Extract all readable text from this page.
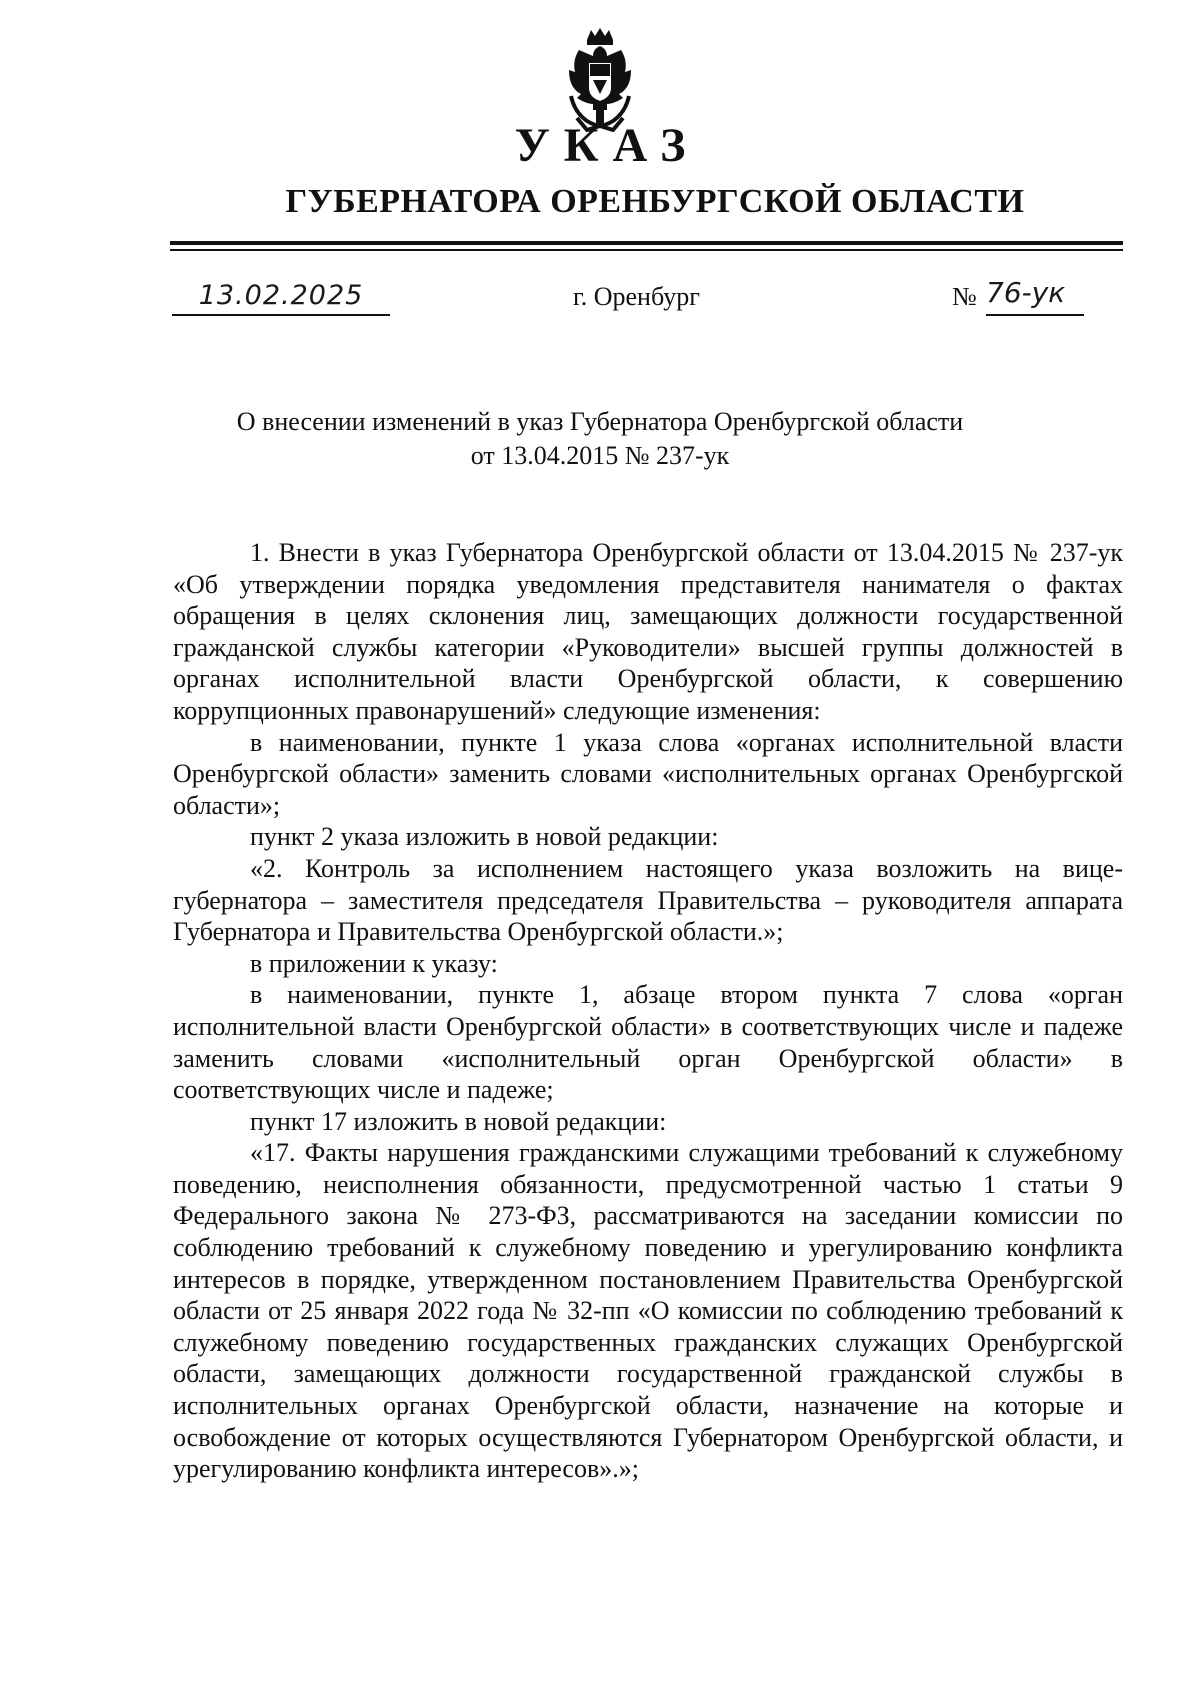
УКАЗ
ГУБЕРНАТОРА ОРЕНБУРГСКОЙ ОБЛАСТИ
13.02.2025	г. Оренбург	№ 76-ук
О внесении изменений в указ Губернатора Оренбургской области
от 13.04.2015 № 237-ук

1. Внести в указ Губернатора Оренбургской области от 13.04.2015 № 237-ук «Об утверждении порядка уведомления представителя нанимателя о фактах обращения в целях склонения лиц, замещающих должности государственной гражданской службы категории «Руководители» высшей группы должностей в органах исполнительной власти Оренбургской области, к совершению коррупционных правонарушений» следующие изменения:

в наименовании, пункте 1 указа слова «органах исполнительной власти Оренбургской области» заменить словами «исполнительных органах Оренбургской области»;

пункт 2 указа изложить в новой редакции:

«2. Контроль за исполнением настоящего указа возложить на вице-губернатора – заместителя председателя Правительства – руководителя аппарата Губернатора и Правительства Оренбургской области.»;

в приложении к указу:

в наименовании, пункте 1, абзаце втором пункта 7 слова «орган исполнительной власти Оренбургской области» в соответствующих числе и падеже заменить словами «исполнительный орган Оренбургской области» в соответствующих числе и падеже;

пункт 17 изложить в новой редакции:

«17. Факты нарушения гражданскими служащими требований к служебному поведению, неисполнения обязанности, предусмотренной частью 1 статьи 9 Федерального закона № 273-ФЗ, рассматриваются на заседании комиссии по соблюдению требований к служебному поведению и урегулированию конфликта интересов в порядке, утвержденном постановлением Правительства Оренбургской области от 25 января 2022 года № 32-пп «О комиссии по соблюдению требований к служебному поведению государственных гражданских служащих Оренбургской области, замещающих должности государственной гражданской службы в исполнительных органах Оренбургской области, назначение на которые и освобождение от которых осуществляются Губернатором Оренбургской области, и урегулированию конфликта интересов».»;
